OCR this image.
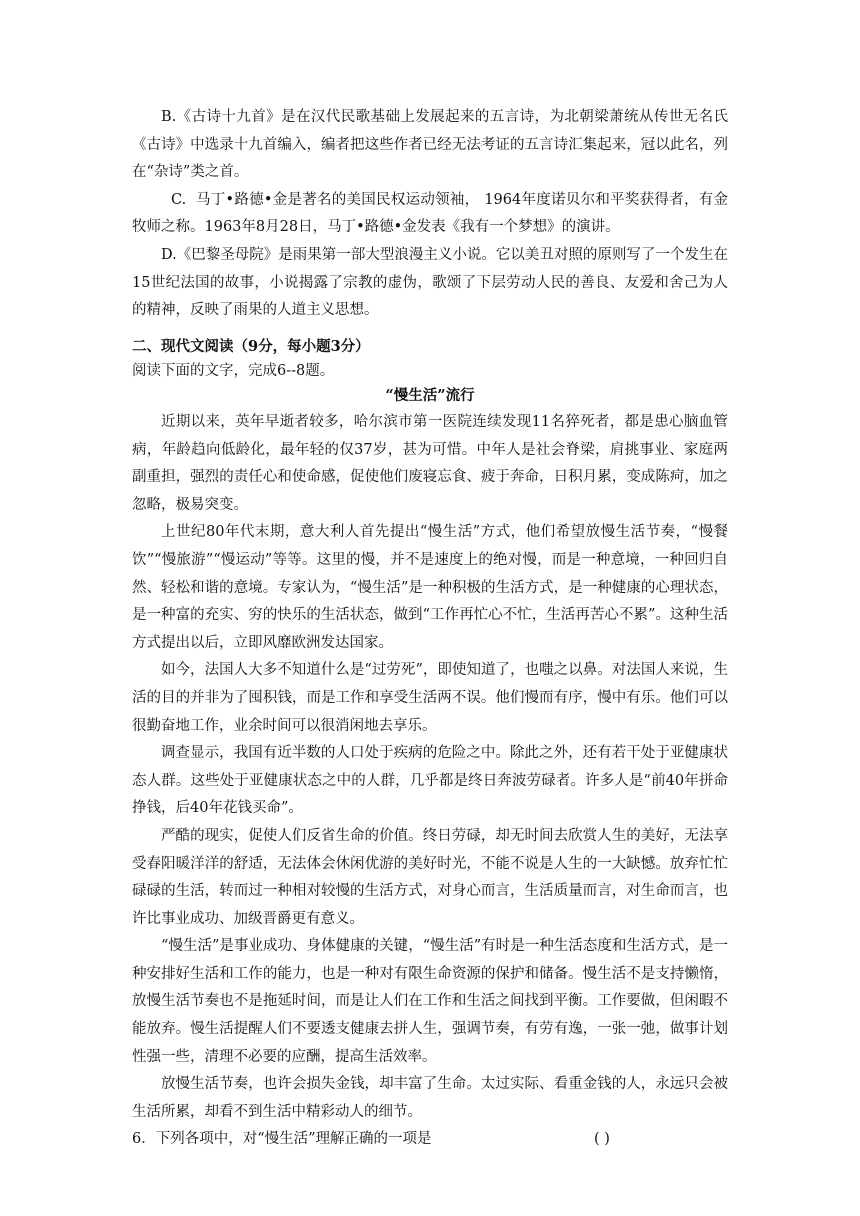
B.《古诗十九首》是在汉代民歌基础上发展起来的五言诗，为北朝梁萧统从传世无名氏《古诗》中选录十九首编入，编者把这些作者已经无法考证的五言诗汇集起来，冠以此名，列在“杂诗”类之首。

C. 马丁•路德•金是著名的美国民权运动领袖， 1964年度诺贝尔和平奖获得者，有金牧师之称。1963年8月28日，马丁•路德•金发表《我有一个梦想》的演讲。

D.《巴黎圣母院》是雨果第一部大型浪漫主义小说。它以美丑对照的原则写了一个发生在15世纪法国的故事，小说揭露了宗教的虚伪，歌颂了下层劳动人民的善良、友爱和舍己为人的精神，反映了雨果的人道主义思想。

二、现代文阅读（9分，每小题3分）

阅读下面的文字，完成6--8题。

“慢生活”流行

近期以来，英年早逝者较多，哈尔滨市第一医院连续发现11名猝死者，都是患心脑血管病，年龄趋向低龄化，最年轻的仅37岁，甚为可惜。中年人是社会脊梁，肩挑事业、家庭两副重担，强烈的责任心和使命感，促使他们废寝忘食、疲于奔命，日积月累，变成陈疴，加之忽略，极易突变。

上世纪80年代末期，意大利人首先提出“慢生活”方式，他们希望放慢生活节奏，“慢餐饮”“慢旅游”“慢运动”等等。这里的慢，并不是速度上的绝对慢，而是一种意境，一种回归自然、轻松和谐的意境。专家认为，“慢生活”是一种积极的生活方式，是一种健康的心理状态，是一种富的充实、穷的快乐的生活状态，做到“工作再忙心不忙，生活再苦心不累”。这种生活方式提出以后，立即风靡欧洲发达国家。

如今，法国人大多不知道什么是“过劳死”，即使知道了，也嗤之以鼻。对法国人来说，生活的目的并非为了囤积钱，而是工作和享受生活两不误。他们慢而有序，慢中有乐。他们可以很勤奋地工作，业余时间可以很消闲地去享乐。

调查显示，我国有近半数的人口处于疾病的危险之中。除此之外，还有若干处于亚健康状态人群。这些处于亚健康状态之中的人群，几乎都是终日奔波劳碌者。许多人是“前40年拼命挣钱，后40年花钱买命”。

严酷的现实，促使人们反省生命的价值。终日劳碌，却无时间去欣赏人生的美好，无法享受春阳暖洋洋的舒适，无法体会休闲优游的美好时光，不能不说是人生的一大缺憾。放弃忙忙碌碌的生活，转而过一种相对较慢的生活方式，对身心而言，生活质量而言，对生命而言，也许比事业成功、加级晋爵更有意义。

“慢生活”是事业成功、身体健康的关键，“慢生活”有时是一种生活态度和生活方式，是一种安排好生活和工作的能力，也是一种对有限生命资源的保护和储备。慢生活不是支持懒惰，放慢生活节奏也不是拖延时间，而是让人们在工作和生活之间找到平衡。工作要做，但闲暇不能放弃。慢生活提醒人们不要透支健康去拼人生，强调节奏，有劳有逸，一张一弛，做事计划性强一些，清理不必要的应酬，提高生活效率。

放慢生活节奏，也许会损失金钱，却丰富了生命。太过实际、看重金钱的人，永远只会被生活所累，却看不到生活中精彩动人的细节。

6．下列各项中，对“慢生活”理解正确的一项是	( )
